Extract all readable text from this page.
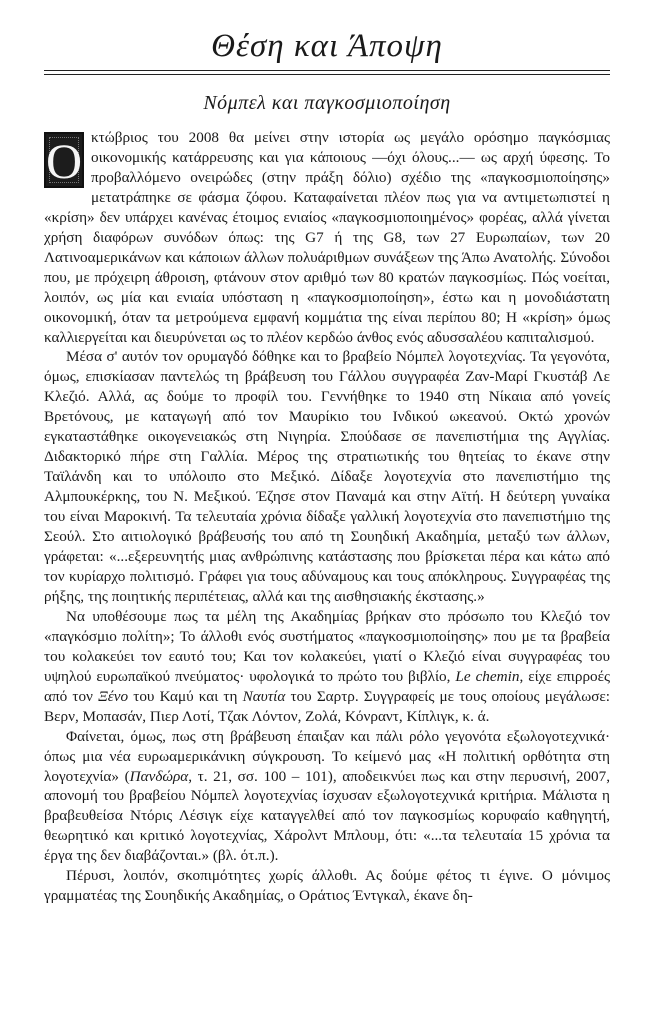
Θέση και Άποψη
Νόμπελ και παγκοσμιοποίηση

Ο κτώβριος του 2008 θα μείνει στην ιστορία ως μεγάλο ορόσημο παγκόσμιας οικονομικής κατάρρευσης και για κάποιους —όχι όλους...— ως αρχή ύφεσης. Το προβαλλόμενο ονειρώδες (στην πράξη δόλιο) σχέδιο της «παγκοσμιοποίησης» μετατράπηκε σε φάσμα ζόφου. Καταφαίνεται πλέον πως για να αντιμετωπιστεί η «κρίση» δεν υπάρχει κανένας έτοιμος ενιαίος «παγκοσμιοποιημένος» φορέας, αλλά γίνεται χρήση διαφόρων συνόδων όπως: της G7 ή της G8, των 27 Ευρωπαίων, των 20 Λατινοαμερικάνων και κάποιων άλλων πολυάριθμων συνάξεων της Άπω Ανατολής. Σύνοδοι που, με πρόχειρη άθροιση, φτάνουν στον αριθμό των 80 κρατών παγκοσμίως. Πώς νοείται, λοιπόν, ως μία και ενιαία υπόσταση η «παγκοσμιοποίηση», έστω και η μονοδιάστατη οικονομική, όταν τα μετρούμενα εμφανή κομμάτια της είναι περίπου 80; Η «κρίση» όμως καλλιεργείται και διευρύνεται ως το πλέον κερδώο άνθος ενός αδυσσαλέου καπιταλισμού.

Μέσα σ' αυτόν τον ορυμαγδό δόθηκε και το βραβείο Νόμπελ λογοτεχνίας. Τα γεγονότα, όμως, επισκίασαν παντελώς τη βράβευση του Γάλλου συγγραφέα Ζαν-Μαρί Γκυστάβ Λε Κλεζιό. Αλλά, ας δούμε το προφίλ του. Γεννήθηκε το 1940 στη Νίκαια από γονείς Βρετόνους, με καταγωγή από τον Μαυρίκιο του Ινδικού ωκεανού. Οκτώ χρονών εγκαταστάθηκε οικογενειακώς στη Νιγηρία. Σπούδασε σε πανεπιστήμια της Αγγλίας. Διδακτορικό πήρε στη Γαλλία. Μέρος της στρατιωτικής του θητείας το έκανε στην Ταϊλάνδη και το υπόλοιπο στο Μεξικό. Δίδαξε λογοτεχνία στο πανεπιστήμιο της Αλμπουκέρκης, του Ν. Μεξικού. Έζησε στον Παναμά και στην Αϊτή. Η δεύτερη γυναίκα του είναι Μαροκινή. Τα τελευταία χρόνια δίδαξε γαλλική λογοτεχνία στο πανεπιστήμιο της Σεούλ. Στο αιτιολογικό βράβευσής του από τη Σουηδική Ακαδημία, μεταξύ των άλλων, γράφεται: «...εξερευνητής μιας ανθρώπινης κατάστασης που βρίσκεται πέρα και κάτω από τον κυρίαρχο πολιτισμό. Γράφει για τους αδύναμους και τους απόκληρους. Συγγραφέας της ρήξης, της ποιητικής περιπέτειας, αλλά και της αισθησιακής έκστασης.»

Να υποθέσουμε πως τα μέλη της Ακαδημίας βρήκαν στο πρόσωπο του Κλεζιό τον «παγκόσμιο πολίτη»; Το άλλοθι ενός συστήματος «παγκοσμιοποίησης» που με τα βραβεία του κολακεύει τον εαυτό του; Και τον κολακεύει, γιατί ο Κλεζιό είναι συγγραφέας του υψηλού ευρωπαϊκού πνεύματος· υφολογικά το πρώτο του βιβλίο, Le chemin, είχε επιρροές από τον Ξένο του Καμύ και τη Ναυτία του Σαρτρ. Συγγραφείς με τους οποίους μεγάλωσε: Βερν, Μοπασάν, Πιερ Λοτί, Τζακ Λόντον, Ζολά, Κόνραντ, Κίπλιγκ, κ. ά.

Φαίνεται, όμως, πως στη βράβευση έπαιξαν και πάλι ρόλο γεγονότα εξωλογοτεχνικά· όπως μια νέα ευρωαμερικάνικη σύγκρουση. Το κείμενό μας «Η πολιτική ορθότητα στη λογοτεχνία» (Πανδώρα, τ. 21, σσ. 100 – 101), αποδεικνύει πως και στην περυσινή, 2007, απονομή του βραβείου Νόμπελ λογοτεχνίας ίσχυσαν εξωλογοτεχνικά κριτήρια. Μάλιστα η βραβευθείσα Ντόρις Λέσιγκ είχε καταγγελθεί από τον παγκοσμίως κορυφαίο καθηγητή, θεωρητικό και κριτικό λογοτεχνίας, Χάρολντ Μπλουμ, ότι: «...τα τελευταία 15 χρόνια τα έργα της δεν διαβάζονται.» (βλ. ότ.π.).

Πέρυσι, λοιπόν, σκοπιμότητες χωρίς άλλοθι. Ας δούμε φέτος τι έγινε. Ο μόνιμος γραμματέας της Σουηδικής Ακαδημίας, ο Οράτιος Έντγκαλ, έκανε δη-
